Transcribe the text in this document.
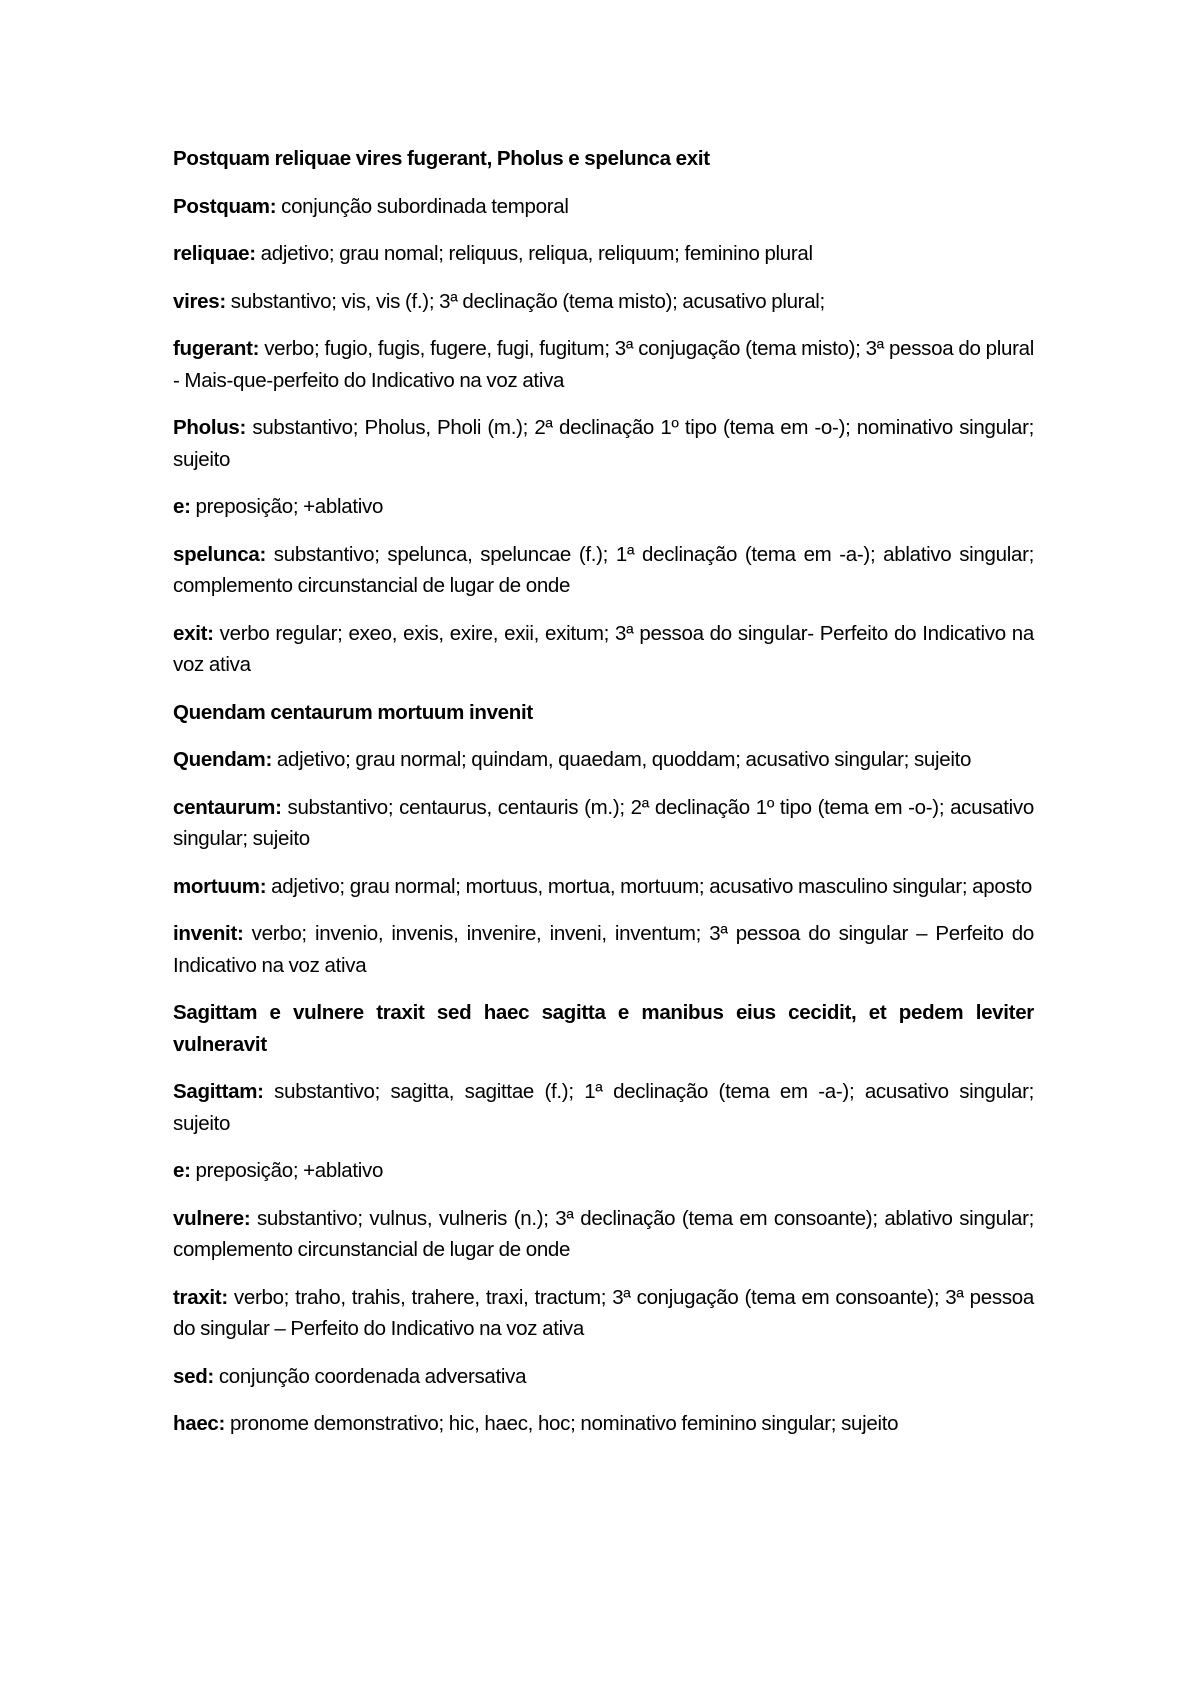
Postquam reliquae vires fugerant, Pholus e spelunca exit

Postquam: conjunção subordinada temporal

reliquae: adjetivo; grau nomal; reliquus, reliqua, reliquum; feminino plural

vires: substantivo; vis, vis (f.); 3ª declinação (tema misto); acusativo plural;

fugerant: verbo; fugio, fugis, fugere, fugi, fugitum; 3ª conjugação (tema misto); 3ª pessoa do plural - Mais-que-perfeito do Indicativo na voz ativa

Pholus: substantivo; Pholus, Pholi (m.); 2ª declinação 1º tipo (tema em -o-); nominativo singular; sujeito

e: preposição; +ablativo

spelunca: substantivo; spelunca, speluncae (f.); 1ª declinação (tema em -a-); ablativo singular; complemento circunstancial de lugar de onde

exit: verbo regular; exeo, exis, exire, exii, exitum; 3ª pessoa do singular- Perfeito do Indicativo na voz ativa

Quendam centaurum mortuum invenit

Quendam: adjetivo; grau normal; quindam, quaedam, quoddam; acusativo singular; sujeito

centaurum: substantivo; centaurus, centauris (m.); 2ª declinação 1º tipo (tema em -o-); acusativo singular; sujeito

mortuum: adjetivo; grau normal; mortuus, mortua, mortuum; acusativo masculino singular; aposto

invenit: verbo; invenio, invenis, invenire, inveni, inventum; 3ª pessoa do singular – Perfeito do Indicativo na voz ativa

Sagittam e vulnere traxit sed haec sagitta e manibus eius cecidit, et pedem leviter vulneravit

Sagittam: substantivo; sagitta, sagittae (f.); 1ª declinação (tema em -a-); acusativo singular; sujeito

e: preposição; +ablativo

vulnere: substantivo; vulnus, vulneris (n.); 3ª declinação (tema em consoante); ablativo singular; complemento circunstancial de lugar de onde

traxit: verbo; traho, trahis, trahere, traxi, tractum; 3ª conjugação (tema em consoante); 3ª pessoa do singular – Perfeito do Indicativo na voz ativa

sed: conjunção coordenada adversativa

haec: pronome demonstrativo; hic, haec, hoc; nominativo feminino singular; sujeito
